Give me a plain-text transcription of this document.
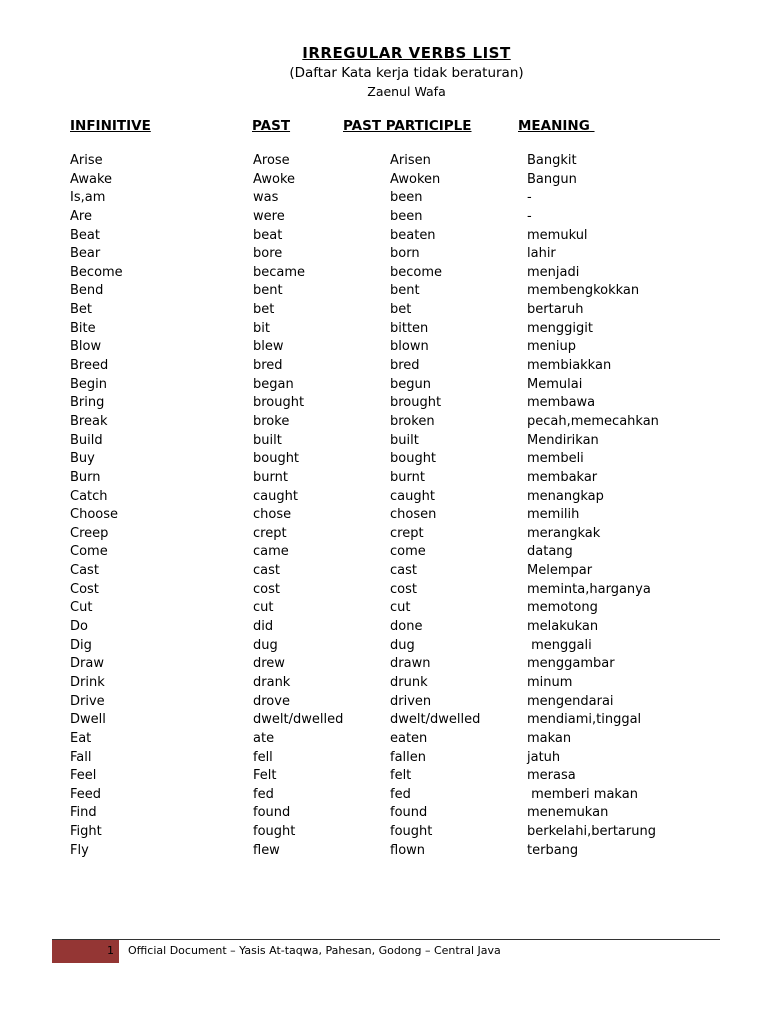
IRREGULAR VERBS LIST
(Daftar Kata kerja tidak beraturan)
Zaenul Wafa
INFINITIVE	PAST	PAST PARTICIPLE	MEANING
Arise	Arose	Arisen	Bangkit
Awake	Awoke	Awoken	Bangun
Is,am	was	been	-
Are	were	been	-
Beat	beat	beaten	memukul
Bear	bore	born	lahir
Become	became	become	menjadi
Bend	bent	bent	membengkokkan
Bet	bet	bet	bertaruh
Bite	bit	bitten	menggigit
Blow	blew	blown	meniup
Breed	bred	bred	membiakkan
Begin	began	begun	Memulai
Bring	brought	brought	membawa
Break	broke	broken	pecah,memecahkan
Build	built	built	Mendirikan
Buy	bought	bought	membeli
Burn	burnt	burnt	membakar
Catch	caught	caught	menangkap
Choose	chose	chosen	memilih
Creep	crept	crept	merangkak
Come	came	come	datang
Cast	cast	cast	Melempar
Cost	cost	cost	meminta,harganya
Cut	cut	cut	memotong
Do	did	done	melakukan
Dig	dug	dug	menggali
Draw	drew	drawn	menggambar
Drink	drank	drunk	minum
Drive	drove	driven	mengendarai
Dwell	dwelt/dwelled	dwelt/dwelled	mendiami,tinggal
Eat	ate	eaten	makan
Fall	fell	fallen	jatuh
Feel	Felt	felt	merasa
Feed	fed	fed	memberi makan
Find	found	found	menemukan
Fight	fought	fought	berkelahi,bertarung
Fly	flew	flown	terbang
1 Official Document – Yasis At-taqwa, Pahesan, Godong – Central Java
